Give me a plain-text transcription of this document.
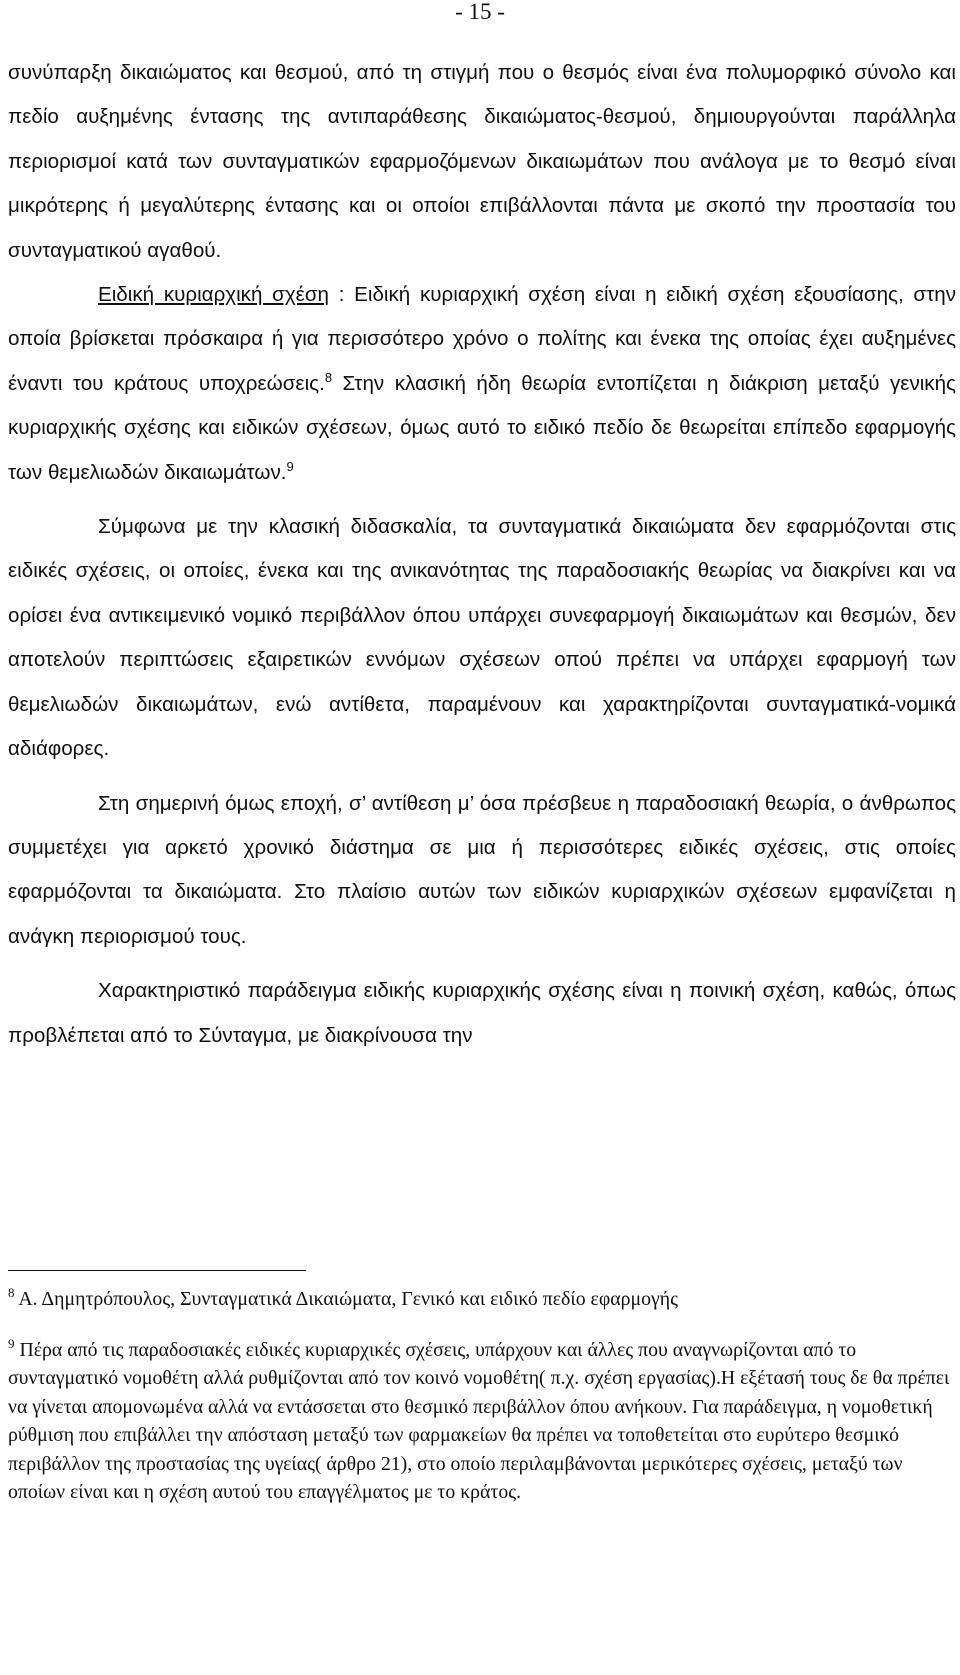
- 15 -

συνύπαρξη δικαιώματος και θεσμού, από τη στιγμή που ο θεσμός είναι ένα πολυμορφικό σύνολο και πεδίο αυξημένης έντασης της αντιπαράθεσης δικαιώματος-θεσμού, δημιουργούνται παράλληλα περιορισμοί κατά των συνταγματικών εφαρμοζόμενων δικαιωμάτων που ανάλογα με το θεσμό είναι μικρότερης ή μεγαλύτερης έντασης και οι οποίοι επιβάλλονται πάντα με σκοπό την προστασία του συνταγματικού αγαθού.

Ειδική κυριαρχική σχέση : Ειδική κυριαρχική σχέση είναι η ειδική σχέση εξουσίασης, στην οποία βρίσκεται πρόσκαιρα ή για περισσότερο χρόνο ο πολίτης και ένεκα της οποίας έχει αυξημένες έναντι του κράτους υποχρεώσεις.$^8$ Στην κλασική ήδη θεωρία εντοπίζεται η διάκριση μεταξύ γενικής κυριαρχικής σχέσης και ειδικών σχέσεων, όμως αυτό το ειδικό πεδίο δε θεωρείται επίπεδο εφαρμογής των θεμελιωδών δικαιωμάτων.$^9$

Σύμφωνα με την κλασική διδασκαλία, τα συνταγματικά δικαιώματα δεν εφαρμόζονται στις ειδικές σχέσεις, οι οποίες, ένεκα και της ανικανότητας της παραδοσιακής θεωρίας να διακρίνει και να ορίσει ένα αντικειμενικό νομικό περιβάλλον όπου υπάρχει συνεφαρμογή δικαιωμάτων και θεσμών, δεν αποτελούν περιπτώσεις εξαιρετικών εννόμων σχέσεων οπού πρέπει να υπάρχει εφαρμογή των θεμελιωδών δικαιωμάτων, ενώ αντίθετα, παραμένουν και χαρακτηρίζονται συνταγματικά-νομικά αδιάφορες.

Στη σημερινή όμως εποχή, σ’ αντίθεση μ’ όσα πρέσβευε η παραδοσιακή θεωρία, ο άνθρωπος συμμετέχει για αρκετό χρονικό διάστημα σε μια ή περισσότερες ειδικές σχέσεις, στις οποίες εφαρμόζονται τα δικαιώματα. Στο πλαίσιο αυτών των ειδικών κυριαρχικών σχέσεων εμφανίζεται η ανάγκη περιορισμού τους.

Χαρακτηριστικό παράδειγμα ειδικής κυριαρχικής σχέσης είναι η ποινική σχέση, καθώς, όπως προβλέπεται από το Σύνταγμα, με διακρίνουσα την

$^8$ Α. Δημητρόπουλος, Συνταγματικά Δικαιώματα, Γενικό και ειδικό πεδίο εφαρμογής

$^9$ Πέρα από τις παραδοσιακές ειδικές κυριαρχικές σχέσεις, υπάρχουν και άλλες που αναγνωρίζονται από το συνταγματικό νομοθέτη αλλά ρυθμίζονται από τον κοινό νομοθέτη( π.χ. σχέση εργασίας).Η εξέτασή τους δε θα πρέπει να γίνεται απομονωμένα αλλά να εντάσσεται στο θεσμικό περιβάλλον όπου ανήκουν. Για παράδειγμα, η νομοθετική ρύθμιση που επιβάλλει την απόσταση μεταξύ των φαρμακείων θα πρέπει να τοποθετείται στο ευρύτερο θεσμικό περιβάλλον της προστασίας της υγείας( άρθρο 21), στο οποίο περιλαμβάνονται μερικότερες σχέσεις, μεταξύ των οποίων είναι και η σχέση αυτού του επαγγέλματος με το κράτος.
